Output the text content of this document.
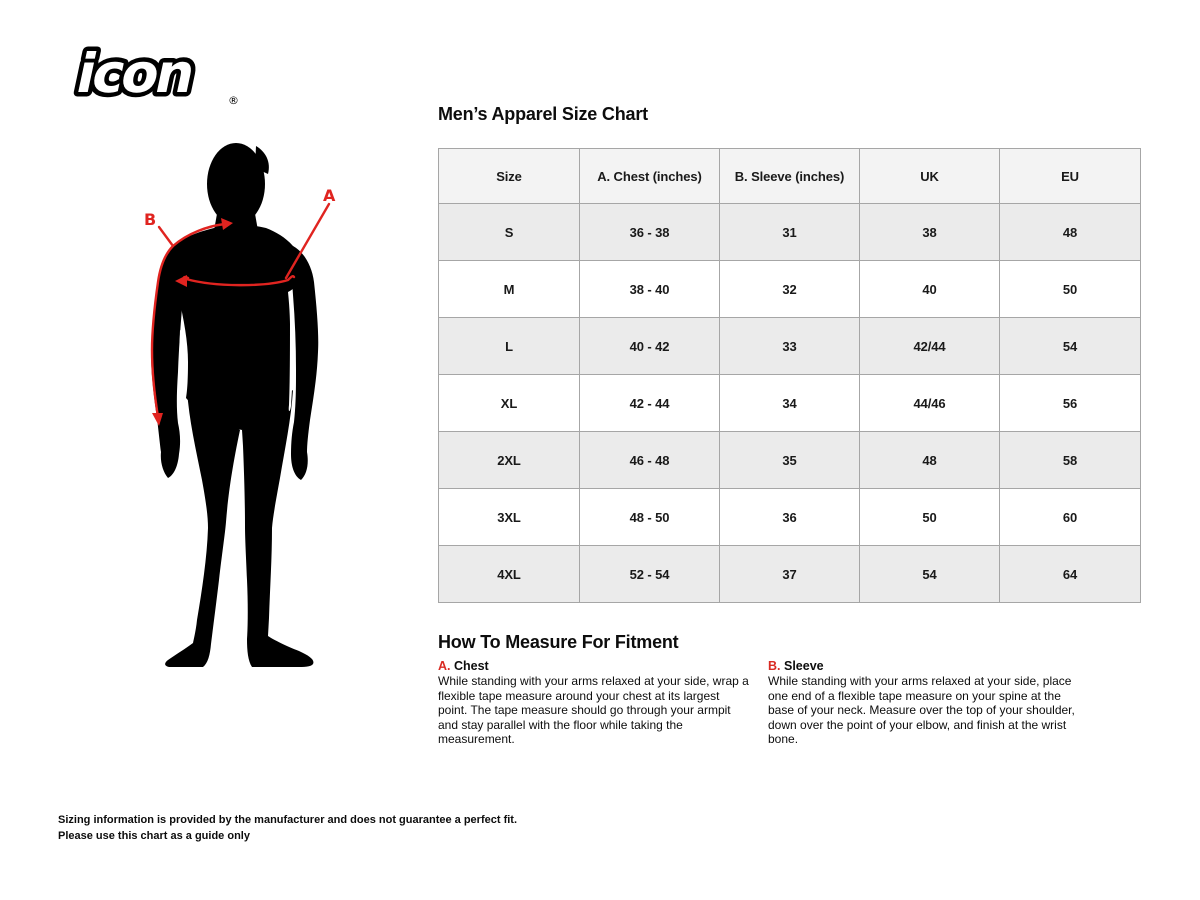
icon	®
A
B
Men’s Apparel Size Chart
Size	A. Chest (inches)	B. Sleeve (inches)	UK	EU
S	36 - 38	31	38	48
M	38 - 40	32	40	50
L	40 - 42	33	42/44	54
XL	42 - 44	34	44/46	56
2XL	46 - 48	35	48	58
3XL	48 - 50	36	50	60
4XL	52 - 54	37	54	64
How To Measure For Fitment
A. Chest
While standing with your arms relaxed at your side, wrap a flexible tape measure around your chest at its largest point. The tape measure should go through your armpit and stay parallel with the floor while taking the measurement.
B. Sleeve
While standing with your arms relaxed at your side, place one end of a flexible tape measure on your spine at the base of your neck. Measure over the top of your shoulder, down over the point of your elbow, and finish at the wrist bone.
Sizing information is provided by the manufacturer and does not guarantee a perfect fit.
Please use this chart as a guide only
